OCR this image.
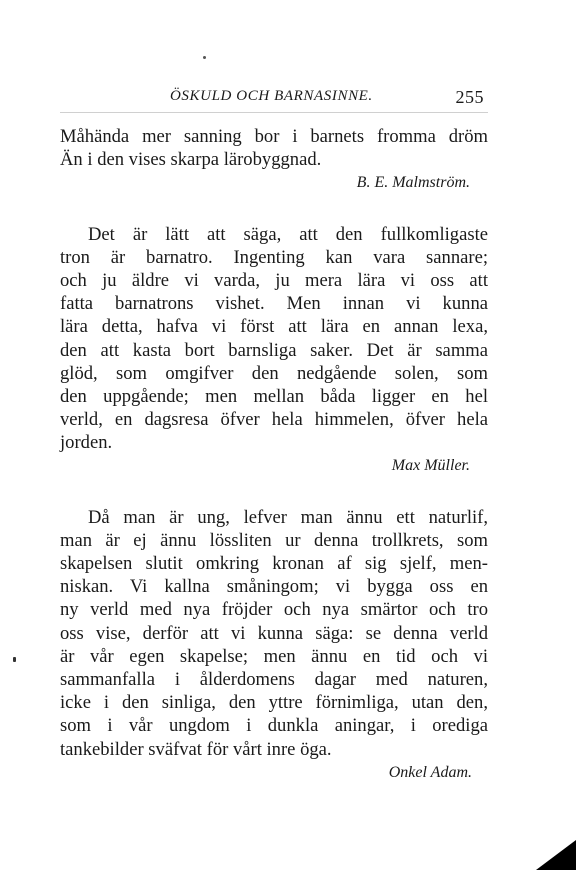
ÖSKULD OCH BARNASINNE.	255
Måhända mer sanning bor i barnets fromma dröm
Än i den vises skarpa lärobyggnad.
B. E. Malmström.
Det är lätt att säga, att den fullkomligaste
tron är barnatro. Ingenting kan vara sannare;
och ju äldre vi varda, ju mera lära vi oss att
fatta barnatrons vishet. Men innan vi kunna
lära detta, hafva vi först att lära en annan lexa,
den att kasta bort barnsliga saker. Det är samma
glöd, som omgifver den nedgående solen, som
den uppgående; men mellan båda ligger en hel
verld, en dagsresa öfver hela himmelen, öfver hela
jorden.
Max Müller.
Då man är ung, lefver man ännu ett naturlif,
man är ej ännu lössliten ur denna trollkrets, som
skapelsen slutit omkring kronan af sig sjelf, men-
niskan. Vi kallna småningom; vi bygga oss en
ny verld med nya fröjder och nya smärtor och tro
oss vise, derför att vi kunna säga: se denna verld
är vår egen skapelse; men ännu en tid och vi
sammanfalla i ålderdomens dagar med naturen,
icke i den sinliga, den yttre förnimliga, utan den,
som i vår ungdom i dunkla aningar, i orediga
tankebilder sväfvat för vårt inre öga.
Onkel Adam.
